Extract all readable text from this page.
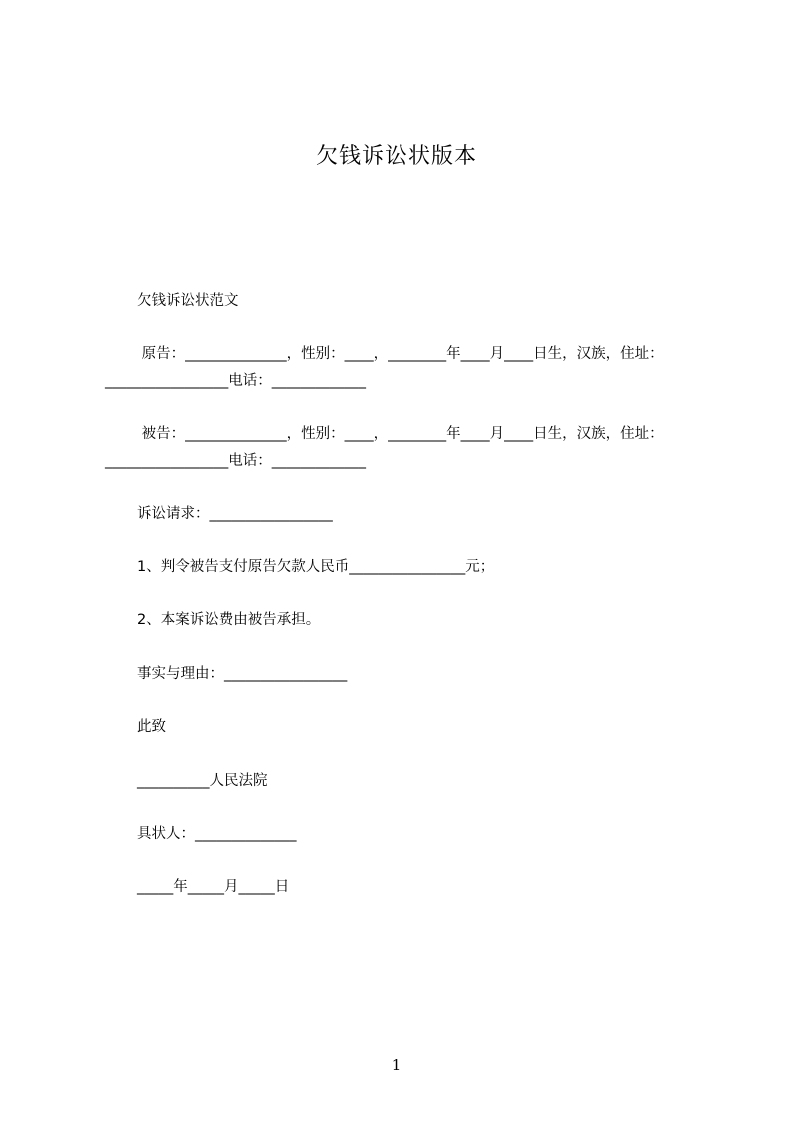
欠钱诉讼状版本
欠钱诉讼状范文
原告：______________，性别：____，________年____月____日生，汉族，住址：
_________________电话：_____________
被告：______________，性别：____，________年____月____日生，汉族，住址：
_________________电话：_____________
诉讼请求：_________________
1、判令被告支付原告欠款人民币________________元；
2、本案诉讼费由被告承担。
事实与理由：_________________
此致
__________人民法院
具状人：______________
_____年_____月_____日
1
